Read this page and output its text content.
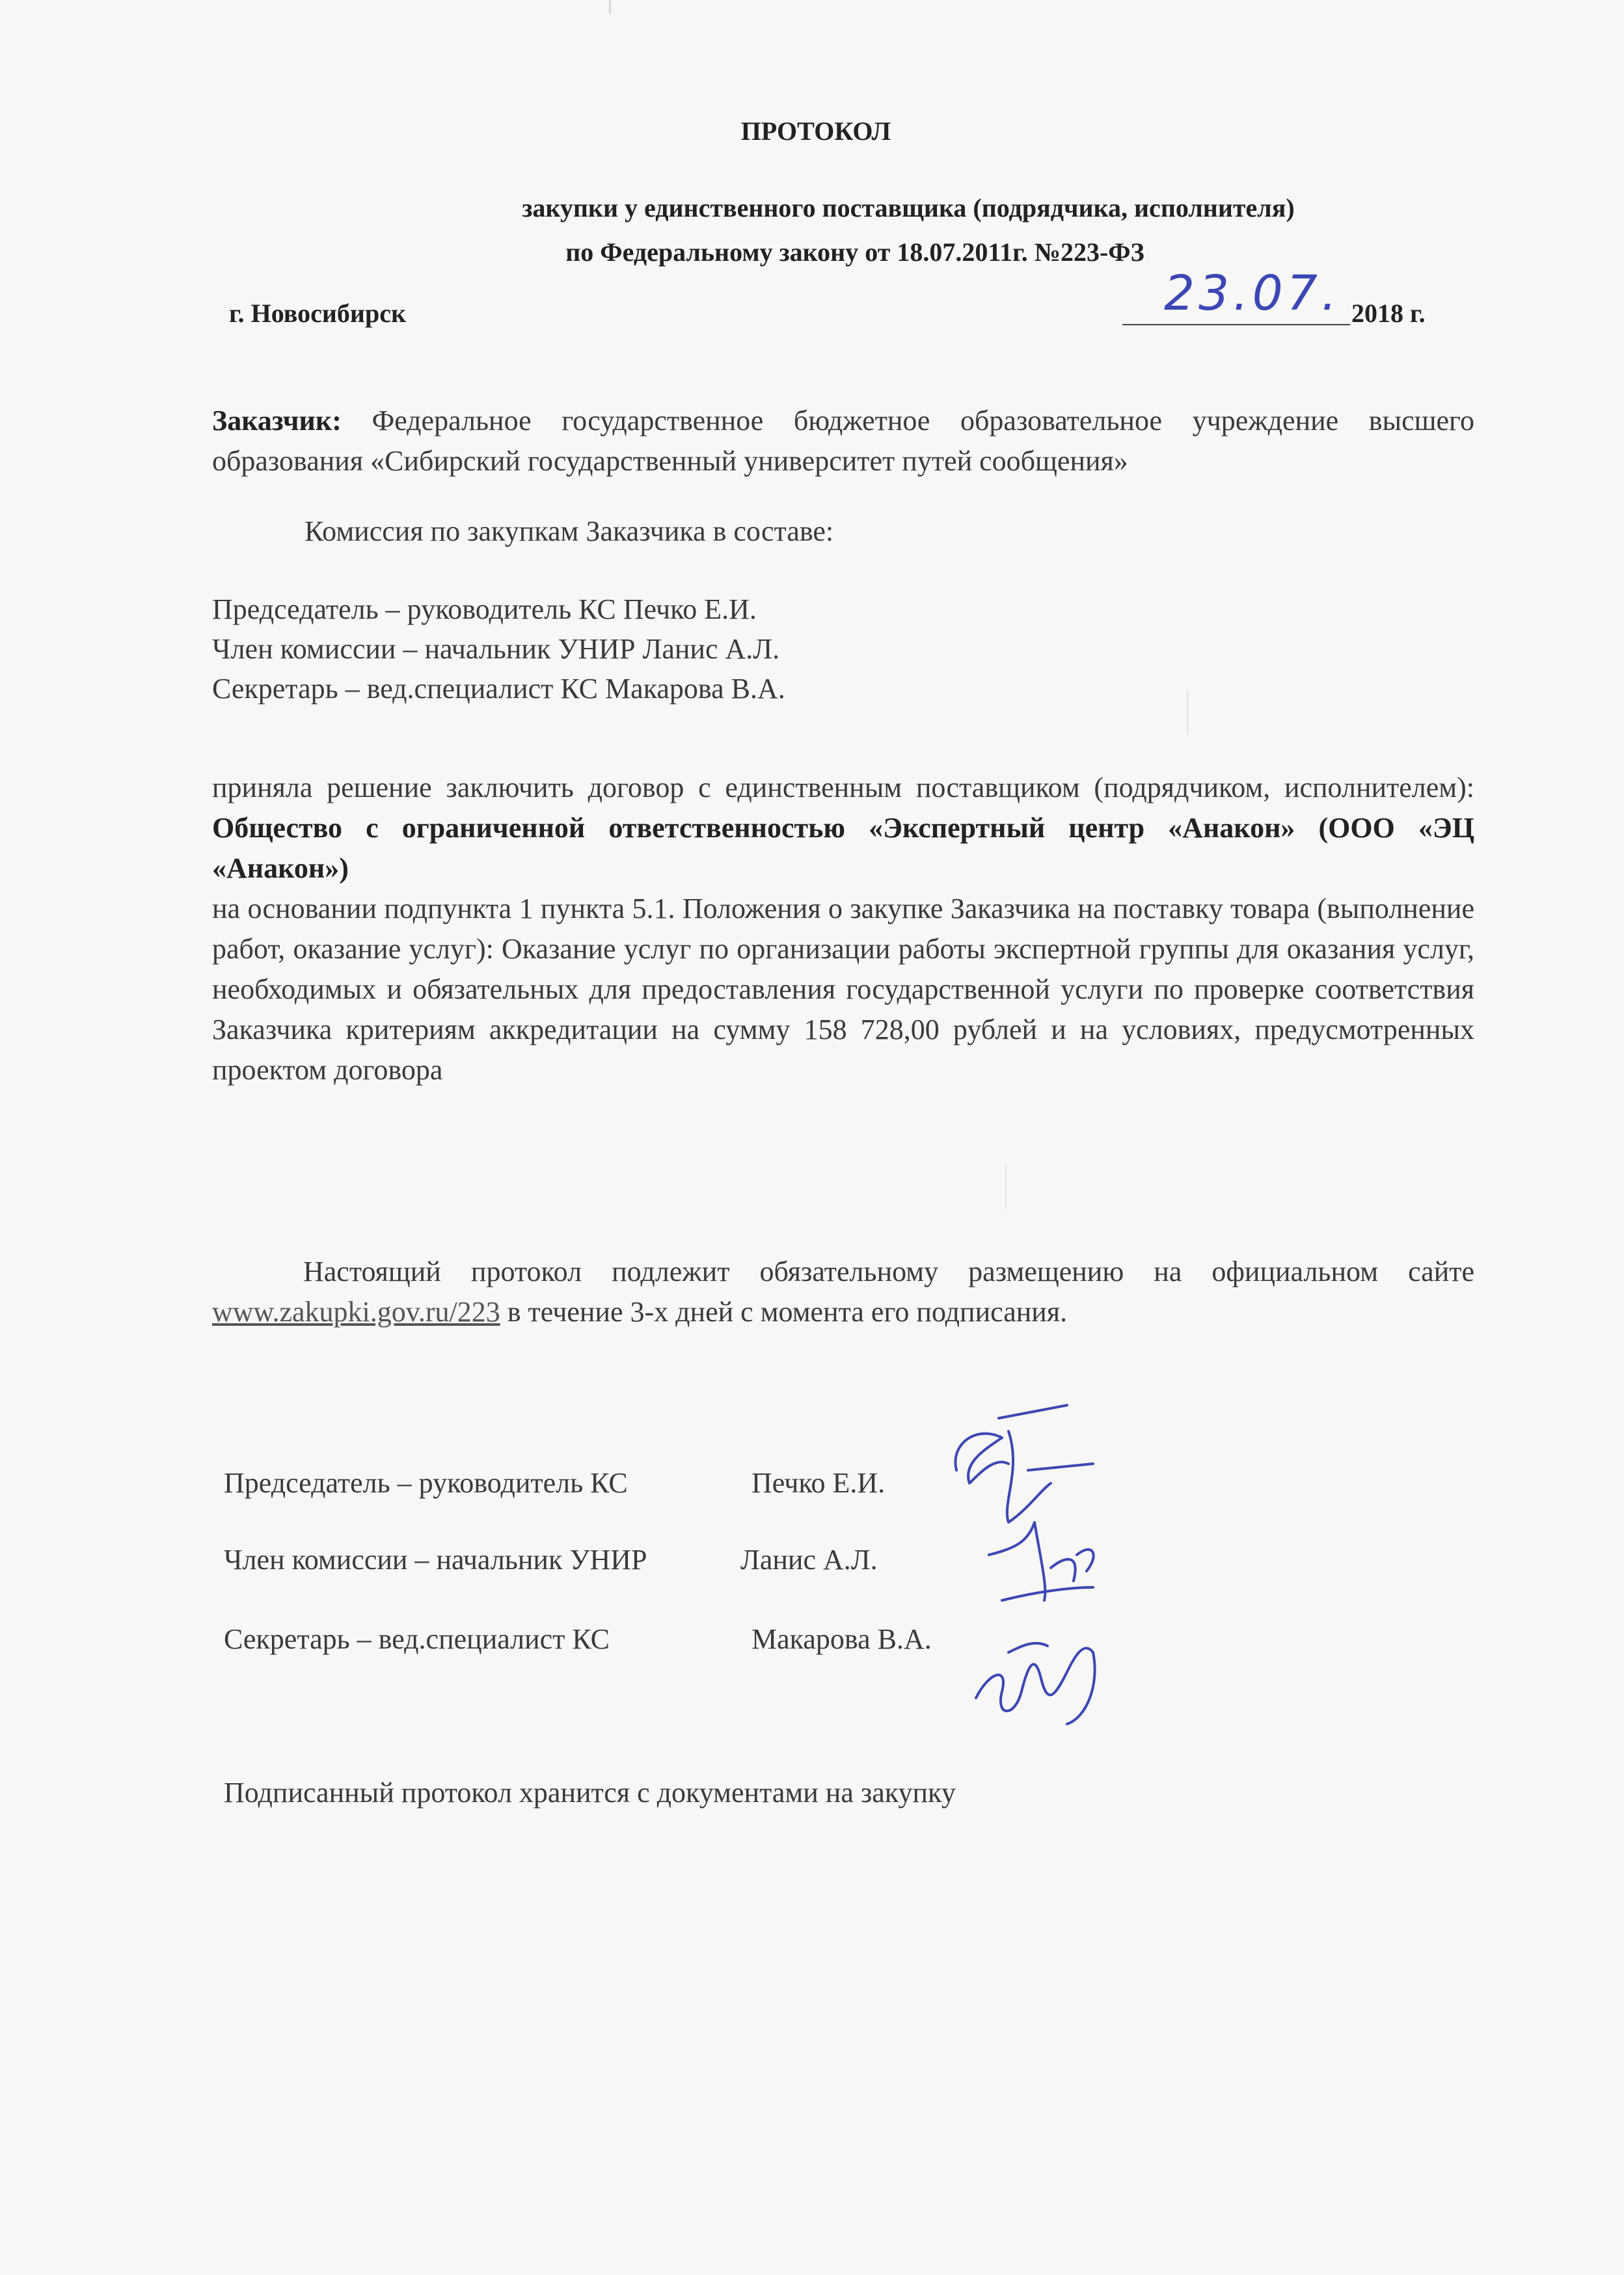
ПРОТОКОЛ
закупки у единственного поставщика (подрядчика, исполнителя)
по Федеральному закону от 18.07.2011г. №223-ФЗ
г. Новосибирск	23.07. 2018 г.
Заказчик: Федеральное государственное бюджетное образовательное учреждение высшего образования «Сибирский государственный университет путей сообщения»
Комиссия по закупкам Заказчика в составе:
Председатель – руководитель КС Печко Е.И.
Член комиссии – начальник УНИР Ланис А.Л.
Секретарь – вед.специалист КС Макарова В.А.
приняла решение заключить договор с единственным поставщиком (подрядчиком, исполнителем): Общество с ограниченной ответственностью «Экспертный центр «Анакон» (ООО «ЭЦ «Анакон»)
на основании подпункта 1 пункта 5.1. Положения о закупке Заказчика на поставку товара (выполнение работ, оказание услуг): Оказание услуг по организации работы экспертной группы для оказания услуг, необходимых и обязательных для предоставления государственной услуги по проверке соответствия Заказчика критериям аккредитации на сумму 158 728,00 рублей и на условиях, предусмотренных проектом договора
Настоящий протокол подлежит обязательному размещению на официальном сайте www.zakupki.gov.ru/223 в течение 3-х дней с момента его подписания.
Председатель – руководитель КС	Печко Е.И.
Член комиссии – начальник УНИР	Ланис А.Л.
Секретарь – вед.специалист КС	Макарова В.А.
Подписанный протокол хранится с документами на закупку
